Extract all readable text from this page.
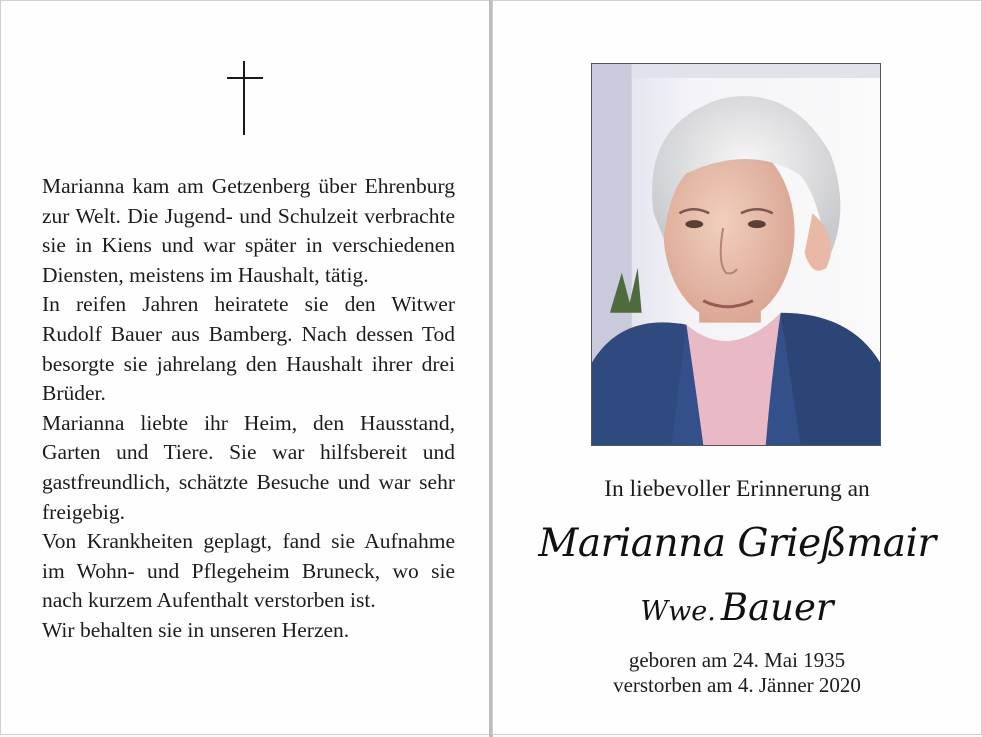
Marianna kam am Getzenberg über Ehrenburg zur Welt. Die Jugend- und Schulzeit verbrachte sie in Kiens und war später in verschiedenen Diensten, meistens im Haushalt, tätig.

In reifen Jahren heiratete sie den Witwer Rudolf Bauer aus Bamberg. Nach dessen Tod besorgte sie jahrelang den Haushalt ihrer drei Brüder.

Marianna liebte ihr Heim, den Hausstand, Garten und Tiere. Sie war hilfsbereit und gastfreundlich, schätzte Besuche und war sehr freigebig.

Von Krankheiten geplagt, fand sie Aufnahme im Wohn- und Pflegeheim Bruneck, wo sie nach kurzem Aufenthalt verstorben ist.

Wir behalten sie in unseren Herzen.

In liebevoller Erinnerung an
Marianna Grießmair
Wwe. Bauer
geboren am 24. Mai 1935
verstorben am 4. Jänner 2020
